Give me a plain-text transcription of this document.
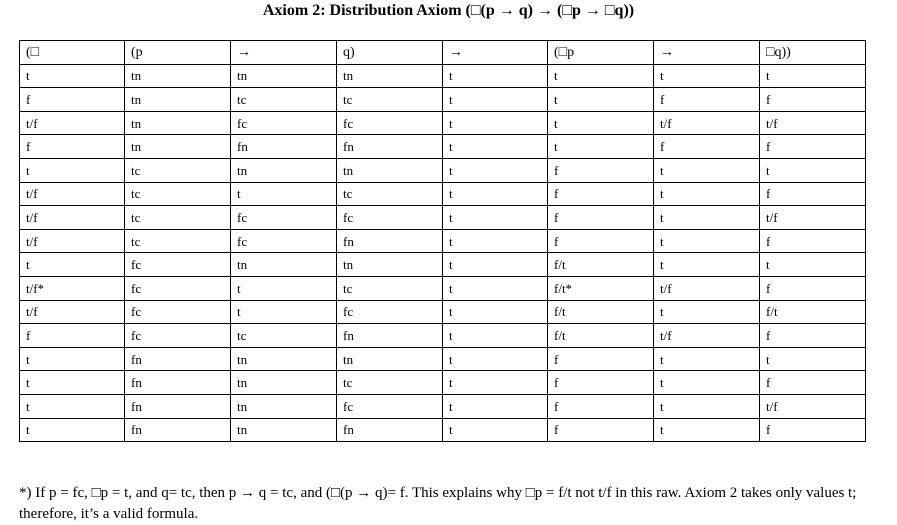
Axiom 2: Distribution Axiom (□(p → q) → (□p → □q))
(□	(p	→	q)	→	(□p	→	□q))
t	tn	tn	tn	t	t	t	t
f	tn	tc	tc	t	t	f	f
t/f	tn	fc	fc	t	t	t/f	t/f
f	tn	fn	fn	t	t	f	f
t	tc	tn	tn	t	f	t	t
t/f	tc	t	tc	t	f	t	f
t/f	tc	fc	fc	t	f	t	t/f
t/f	tc	fc	fn	t	f	t	f
t	fc	tn	tn	t	f/t	t	t
t/f*	fc	t	tc	t	f/t*	t/f	f
t/f	fc	t	fc	t	f/t	t	f/t
f	fc	tc	fn	t	f/t	t/f	f
t	fn	tn	tn	t	f	t	t
t	fn	tn	tc	t	f	t	f
t	fn	tn	fc	t	f	t	t/f
t	fn	tn	fn	t	f	t	f
*) If p = fc, □p = t, and q= tc, then p → q = tc, and (□(p → q)= f. This explains why □p = f/t not t/f in this raw. Axiom 2 takes only values t; therefore, it’s a valid formula.
